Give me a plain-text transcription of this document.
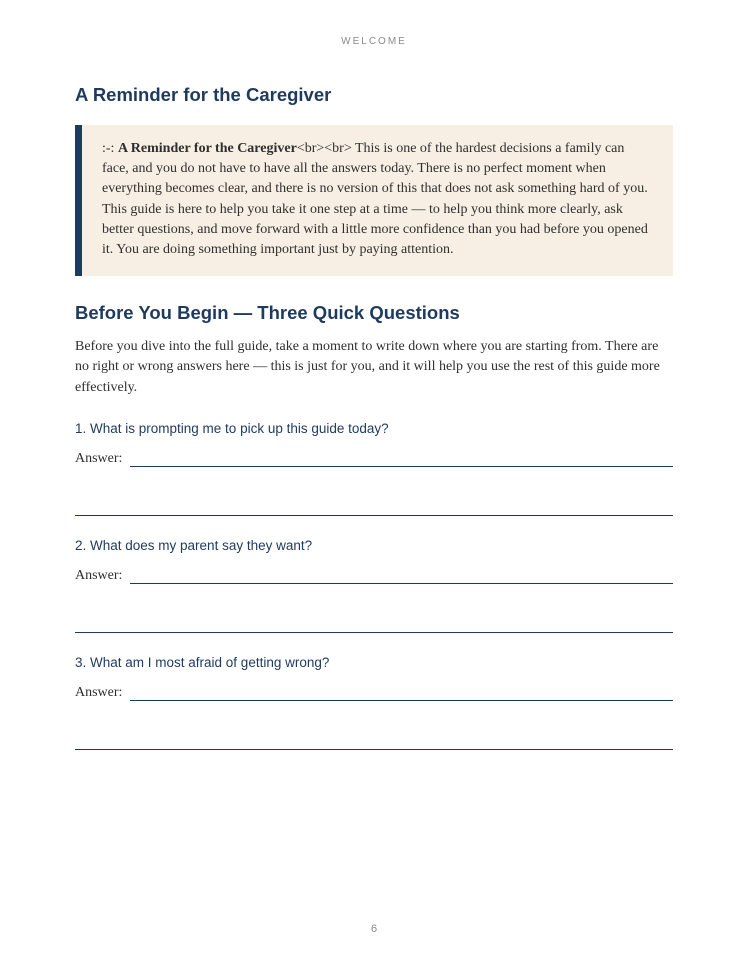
WELCOME
A Reminder for the Caregiver
:-: A Reminder for the Caregiver<br><br> This is one of the hardest decisions a family can face, and you do not have to have all the answers today. There is no perfect moment when everything becomes clear, and there is no version of this that does not ask something hard of you. This guide is here to help you take it one step at a time — to help you think more clearly, ask better questions, and move forward with a little more confidence than you had before you opened it. You are doing something important just by paying attention.
Before You Begin — Three Quick Questions

Before you dive into the full guide, take a moment to write down where you are starting from. There are no right or wrong answers here — this is just for you, and it will help you use the rest of this guide more effectively.

1. What is prompting me to pick up this guide today?
Answer:
2. What does my parent say they want?
Answer:
3. What am I most afraid of getting wrong?
Answer:
6
